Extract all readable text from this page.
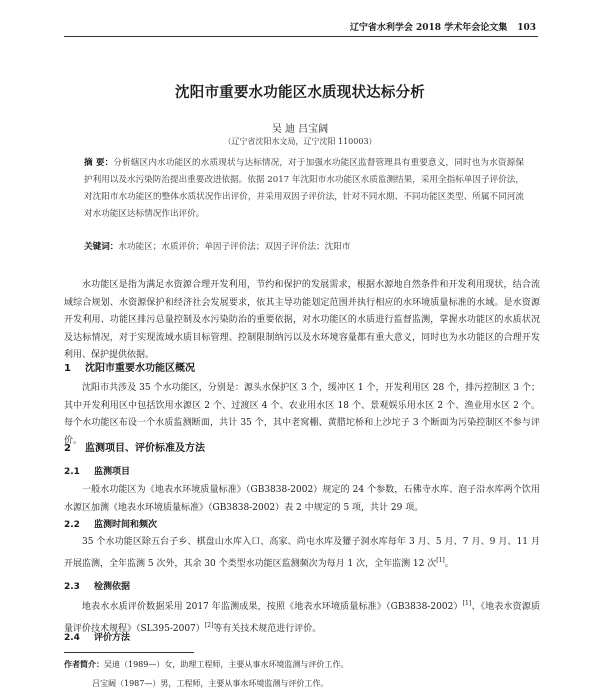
辽宁省水利学会 2018 学术年会论文集 103
沈阳市重要水功能区水质现状达标分析
吴 迪 吕宝阔
（辽宁省沈阳水文局，辽宁沈阳 110003）
摘 要：分析辖区内水功能区的水质现状与达标情况，对于加强水功能区监督管理具有重要意义，同时也为水资源保护利用以及水污染防治提出重要改进依据。依据 2017 年沈阳市水功能区水质监测结果，采用全指标单因子评价法，对沈阳市水功能区的整体水质状况作出评价，并采用双因子评价法，针对不同水期、不同功能区类型、所属不同河流对水功能区达标情况作出评价。
关键词：水功能区；水质评价；单因子评价法；双因子评价法；沈阳市
水功能区是指为满足水资源合理开发利用，节约和保护的发展需求，根据水源地自然条件和开发利用现状，结合流域综合规划、水资源保护和经济社会发展要求，依其主导功能划定范围并执行相应的水环境质量标准的水域。是水资源开发利用、功能区排污总量控制及水污染防治的重要依据，对水功能区的水质进行监督监测，掌握水功能区的水质状况及达标情况，对于实现流域水质目标管理、控制限制纳污以及水环境容量都有重大意义，同时也为水功能区的合理开发利用、保护提供依据。
1 沈阳市重要水功能区概况
沈阳市共涉及 35 个水功能区，分别是：源头水保护区 3 个，缓冲区 1 个，开发利用区 28 个，排污控制区 3 个；其中开发利用区中包括饮用水源区 2 个、过渡区 4 个、农业用水区 18 个、景观娱乐用水区 2 个、渔业用水区 2 个。每个水功能区布设一个水质监测断面，共计 35 个，其中老窝棚、黄腊坨桥和上沙坨子 3 个断面为污染控制区不参与评价。
2 监测项目、评价标准及方法
2.1 监测项目
一般水功能区为《地表水环境质量标准》（GB3838-2002）规定的 24 个参数，石佛寺水库、泡子沿水库两个饮用水源区加测《地表水环境质量标准》（GB3838-2002）表 2 中规定的 5 项，共计 29 项。
2.2 监测时间和频次
35 个水功能区除五台子乡、棋盘山水库入口、高家、尚屯水库及獾子洞水库每年 3 月、5 月、7 月、9 月、11 月开展监测，全年监测 5 次外，其余 30 个类型水功能区监测频次为每月 1 次，全年监测 12 次[1]。
2.3 检测依据
地表水水质评价数据采用 2017 年监测成果，按照《地表水环境质量标准》（GB3838-2002）[1]、《地表水资源质量评价技术规程》（SL395-2007）[2]等有关技术规范进行评价。
2.4 评价方法
作者简介：吴迪（1989—）女，助理工程师，主要从事水环境监测与评价工作。
吕宝阔（1987—）男，工程师，主要从事水环境监测与评价工作。
